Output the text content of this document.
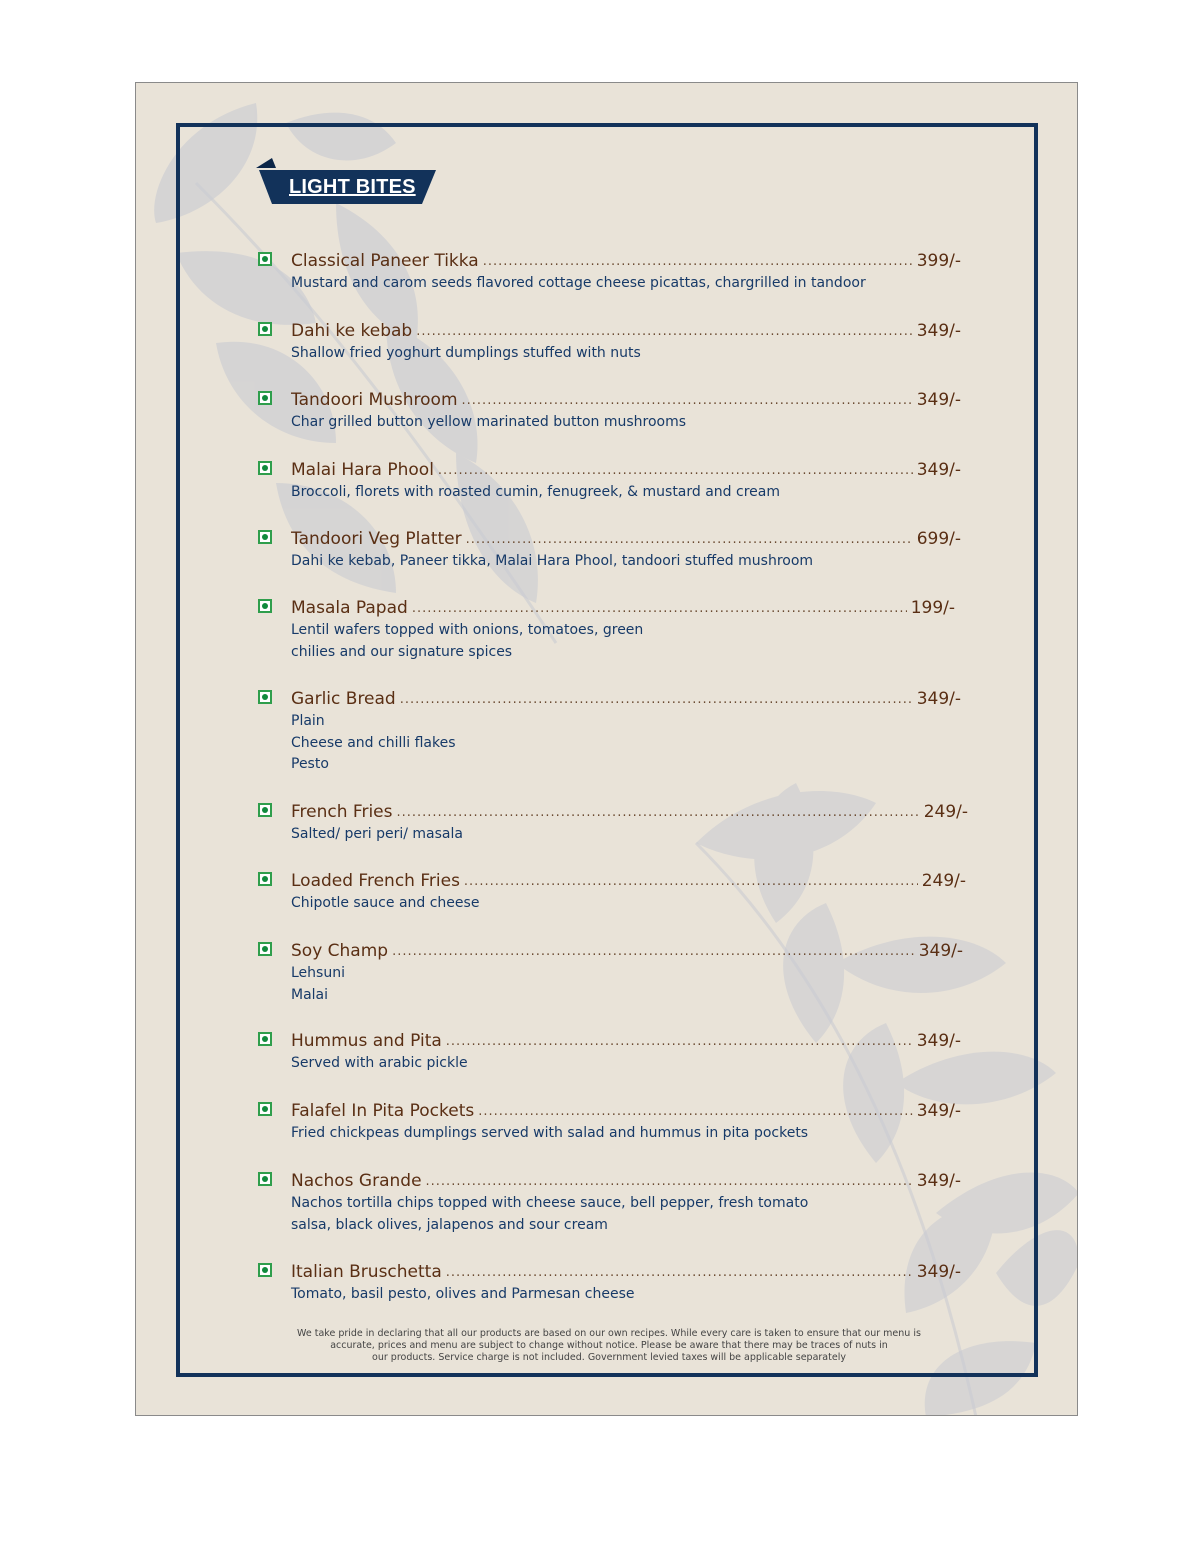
LIGHT BITES
Classical Paneer Tikka .....	399/-
Mustard and carom seeds flavored cottage cheese picattas, chargrilled in tandoor
Dahi ke kebab .....	349/-
Shallow fried yoghurt dumplings stuffed with nuts
Tandoori Mushroom .....	349/-
Char grilled button yellow marinated button mushrooms
Malai Hara Phool .....	349/-
Broccoli, florets with roasted cumin, fenugreek, & mustard and cream
Tandoori Veg Platter .....	699/-
Dahi ke kebab, Paneer tikka, Malai Hara Phool, tandoori stuffed mushroom
Masala Papad .....	199/-
Lentil wafers topped with onions, tomatoes, green
chilies and our signature spices
Garlic Bread .....	349/-
Plain
Cheese and chilli flakes
Pesto
French Fries .....	249/-
Salted/ peri peri/ masala
Loaded French Fries .....	249/-
Chipotle sauce and cheese
Soy Champ .....	349/-
Lehsuni
Malai
Hummus and Pita .....	349/-
Served with arabic pickle
Falafel In Pita Pockets .....	349/-
Fried chickpeas dumplings served with salad and hummus in pita pockets
Nachos Grande .....	349/-
Nachos tortilla chips topped with cheese sauce, bell pepper, fresh tomato
salsa, black olives, jalapenos and sour cream
Italian Bruschetta .....	349/-
Tomato, basil pesto, olives and Parmesan cheese
We take pride in declaring that all our products are based on our own recipes. While every care is taken to ensure that our menu is
accurate, prices and menu are subject to change without notice. Please be aware that there may be traces of nuts in
our products. Service charge is not included. Government levied taxes will be applicable separately
